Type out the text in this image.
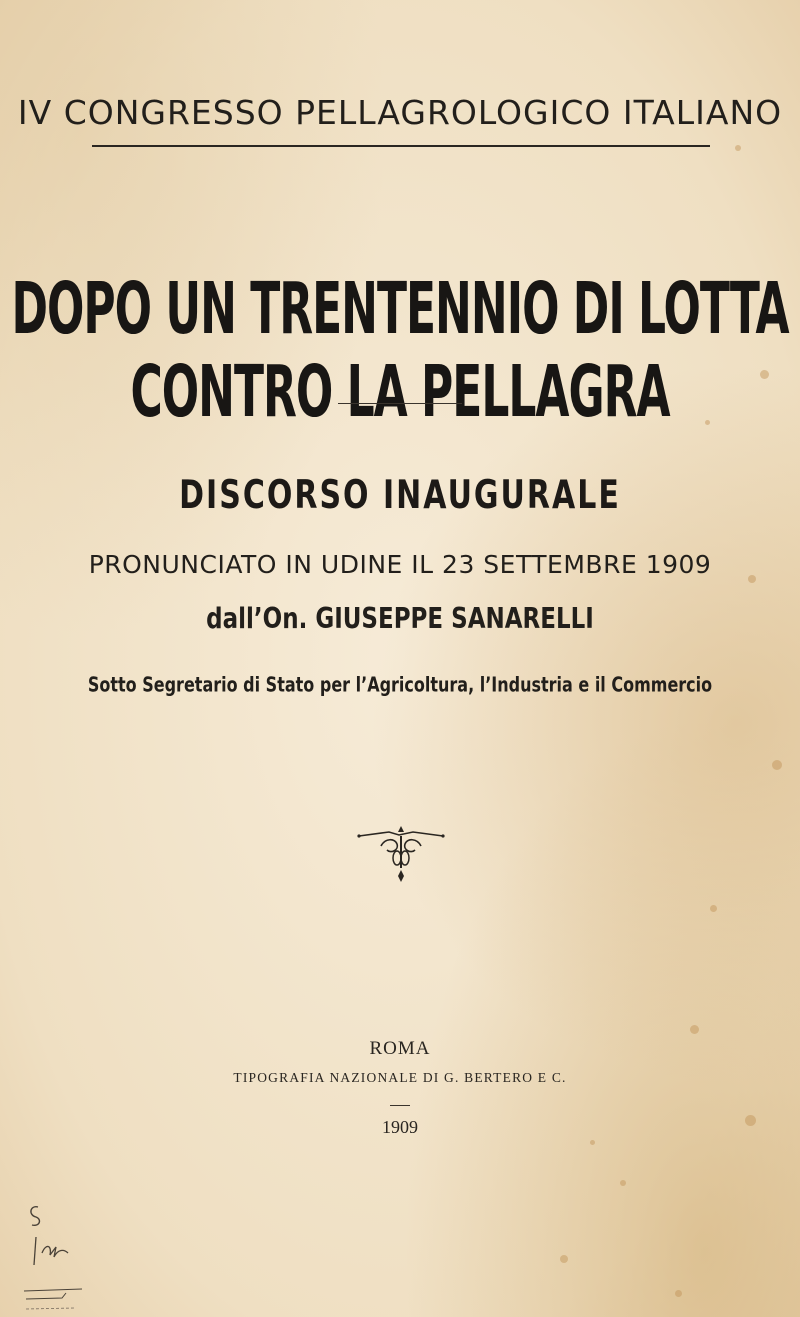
IV CONGRESSO PELLAGROLOGICO ITALIANO
DOPO UN TRENTENNIO DI LOTTA CONTRO LA PELLAGRA
DISCORSO INAUGURALE
PRONUNCIATO IN UDINE IL 23 SETTEMBRE 1909
dall’On. GIUSEPPE SANARELLI
Sotto Segretario di Stato per l’Agricoltura, l’Industria e il Commercio
ROMA
TIPOGRAFIA NAZIONALE DI G. BERTERO E C.
1909
